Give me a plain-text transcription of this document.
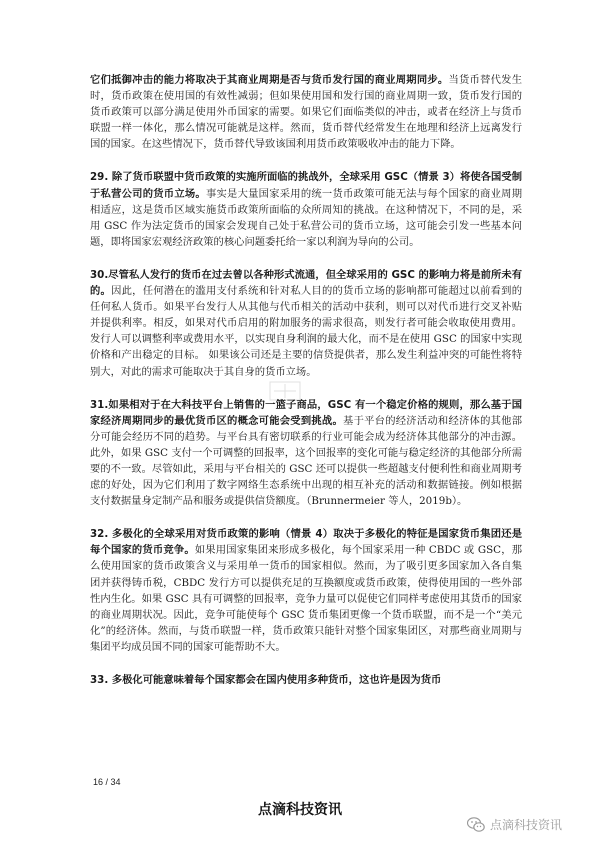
它们抵御冲击的能力将取决于其商业周期是否与货币发行国的商业周期同步。当货币替代发生时，货币政策在使用国的有效性减弱；但如果使用国和发行国的商业周期一致，货币发行国的货币政策可以部分满足使用外币国家的需要。如果它们面临类似的冲击，或者在经济上与货币联盟一样一体化，那么情况可能就是这样。然而，货币替代经常发生在地理和经济上远离发行国的国家。在这些情况下，货币替代导致该国利用货币政策吸收冲击的能力下降。

29. 除了货币联盟中货币政策的实施所面临的挑战外，全球采用 GSC（情景 3）将使各国受制于私营公司的货币立场。事实是大量国家采用的统一货币政策可能无法与每个国家的商业周期相适应，这是货币区域实施货币政策所面临的众所周知的挑战。在这种情况下，不同的是，采用 GSC 作为法定货币的国家会发现自己处于私营公司的货币立场，这可能会引发一些基本问题，即将国家宏观经济政策的核心问题委托给一家以利润为导向的公司。

30.尽管私人发行的货币在过去曾以各种形式流通，但全球采用的 GSC 的影响力将是前所未有的。因此，任何潜在的滥用支付系统和针对私人目的的货币立场的影响都可能超过以前看到的任何私人货币。如果平台发行人从其他与代币相关的活动中获利，则可以对代币进行交叉补贴并提供利率。相反，如果对代币启用的附加服务的需求很高，则发行者可能会收取使用费用。发行人可以调整利率或费用水平，以实现自身利润的最大化，而不是在使用 GSC 的国家中实现价格和产出稳定的目标。 如果该公司还是主要的信贷提供者，那么发生利益冲突的可能性将特别大，对此的需求可能取决于其自身的货币立场。

31.如果相对于在大科技平台上销售的一篮子商品，GSC 有一个稳定价格的规则，那么基于国家经济周期同步的最优货币区的概念可能会受到挑战。基于平台的经济活动和经济体的其他部分可能会经历不同的趋势。与平台具有密切联系的行业可能会成为经济体其他部分的冲击源。此外，如果 GSC 支付一个可调整的回报率，这个回报率的变化可能与稳定经济的其他部分所需要的不一致。尽管如此，采用与平台相关的 GSC 还可以提供一些超越支付便利性和商业周期考虑的好处，因为它们利用了数字网络生态系统中出现的相互补充的活动和数据链接。例如根据支付数据量身定制产品和服务或提供信贷额度。（Brunnermeier 等人，2019b）。

32. 多极化的全球采用对货币政策的影响（情景 4）取决于多极化的特征是国家货币集团还是每个国家的货币竞争。如果用国家集团来形成多极化，每个国家采用一种 CBDC 或 GSC，那么使用国家的货币政策含义与采用单一货币的国家相似。然而，为了吸引更多国家加入各自集团并获得铸币税，CBDC 发行方可以提供充足的互换额度或货币政策，使得使用国的一些外部性内生化。如果 GSC 具有可调整的回报率，竞争力量可以促使它们同样考虑使用其货币的国家的商业周期状况。因此，竞争可能使每个 GSC 货币集团更像一个货币联盟，而不是一个“美元化”的经济体。然而，与货币联盟一样，货币政策只能针对整个国家集团区，对那些商业周期与集团平均成员国不同的国家可能帮助不大。

33. 多极化可能意味着每个国家都会在国内使用多种货币，这也许是因为货币

16 / 34
点滴科技资讯
点滴科技资讯
